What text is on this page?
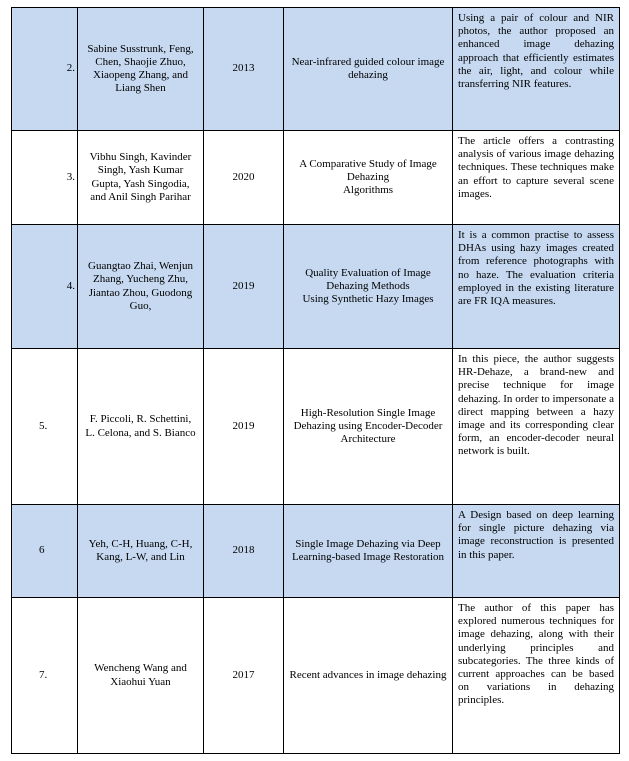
2.	Sabine Susstrunk, Feng, Chen, Shaojie Zhuo, Xiaopeng Zhang, and Liang Shen	2013	Near-infrared guided colour image dehazing	Using a pair of colour and NIR photos, the author proposed an enhanced image dehazing approach that efficiently estimates the air, light, and colour while transferring NIR features.
3.	Vibhu Singh, Kavinder Singh, Yash Kumar Gupta, Yash Singodia, and Anil Singh Parihar	2020	A Comparative Study of Image Dehazing
Algorithms	The article offers a contrasting analysis of various image dehazing techniques. These techniques make an effort to capture several scene images.
4.	Guangtao Zhai, Wenjun Zhang, Yucheng Zhu, Jiantao Zhou, Guodong Guo,	2019	Quality Evaluation of Image Dehazing Methods
Using Synthetic Hazy Images	It is a common practise to assess DHAs using hazy images created from reference photographs with no haze. The evaluation criteria employed in the existing literature are FR IQA measures.
5.	F. Piccoli, R. Schettini, L. Celona, and S. Bianco	2019	High-Resolution Single Image Dehazing using Encoder-Decoder Architecture	In this piece, the author suggests HR-Dehaze, a brand-new and precise technique for image dehazing. In order to impersonate a direct mapping between a hazy image and its corresponding clear form, an encoder-decoder neural network is built.
6	Yeh, C-H, Huang, C-H, Kang, L-W, and Lin	2018	Single Image Dehazing via Deep Learning-based Image Restoration	A Design based on deep learning for single picture dehazing via image reconstruction is presented in this paper.
7.	Wencheng Wang and Xiaohui Yuan	2017	Recent advances in image dehazing	The author of this paper has explored numerous techniques for image dehazing, along with their underlying principles and subcategories. The three kinds of current approaches can be based on variations in dehazing principles.
